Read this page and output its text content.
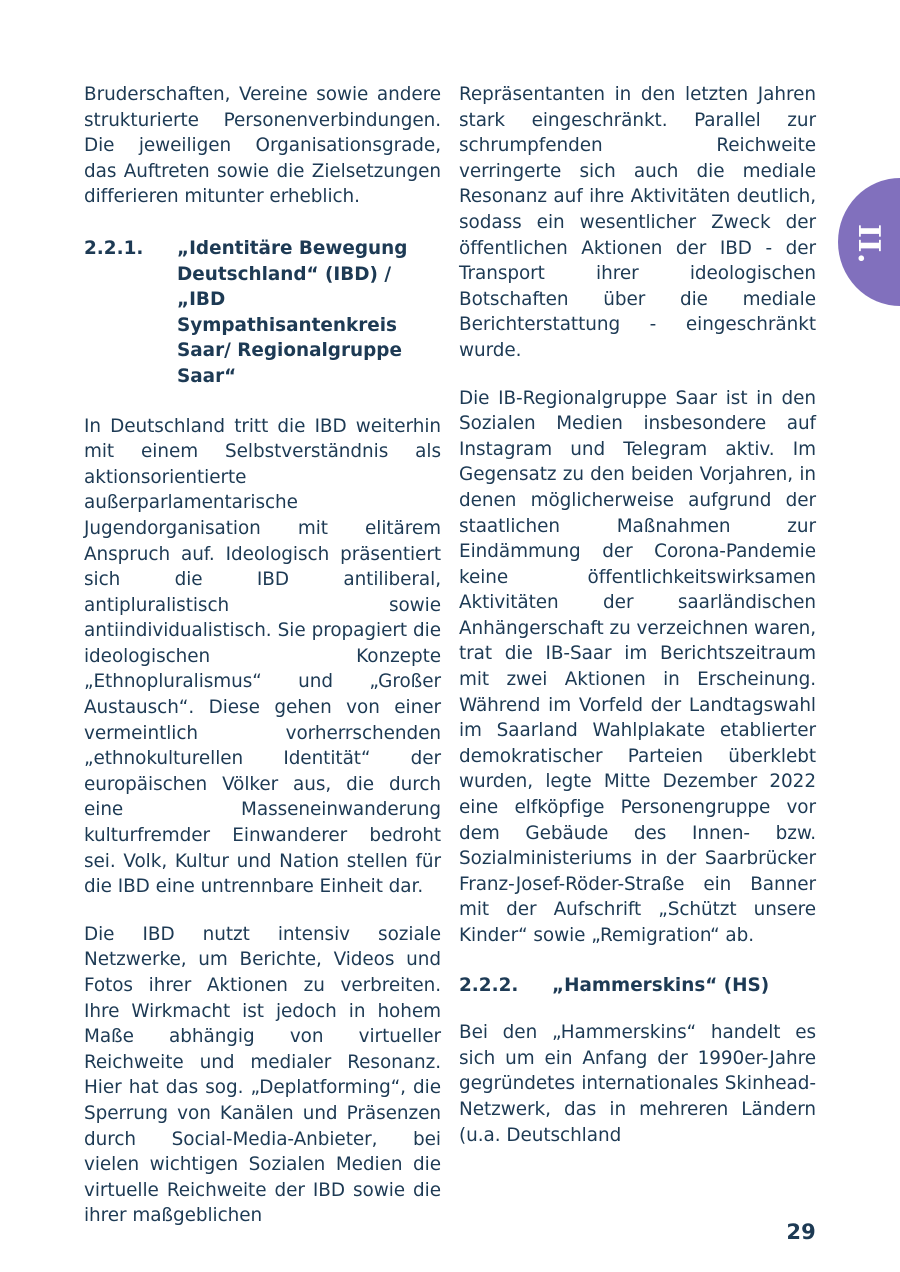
II.

Bruderschaften, Vereine sowie andere strukturierte Personenverbindungen. Die jeweiligen Organisationsgrade, das Auftreten sowie die Zielsetzungen differieren mitunter erheblich.

2.2.1.	„Identitäre Bewegung Deutschland“ (IBD) / „IBD Sympathisantenkreis Saar/ Regionalgruppe Saar“

In Deutschland tritt die IBD weiterhin mit einem Selbstverständnis als aktionsorientierte außerparlamentarische Jugendorganisation mit elitärem Anspruch auf. Ideologisch präsentiert sich die IBD antiliberal, antipluralistisch sowie antiindividualistisch. Sie propagiert die ideologischen Konzepte „Ethnopluralismus“ und „Großer Austausch“. Diese gehen von einer vermeintlich vorherrschenden „ethnokulturellen Identität“ der europäischen Völker aus, die durch eine Masseneinwanderung kulturfremder Einwanderer bedroht sei. Volk, Kultur und Nation stellen für die IBD eine untrennbare Einheit dar.

Die IBD nutzt intensiv soziale Netzwerke, um Berichte, Videos und Fotos ihrer Aktionen zu verbreiten. Ihre Wirkmacht ist jedoch in hohem Maße abhängig von virtueller Reichweite und medialer Resonanz. Hier hat das sog. „Deplatforming“, die Sperrung von Kanälen und Präsenzen durch Social-Media-Anbieter, bei vielen wichtigen Sozialen Medien die virtuelle Reichweite der IBD sowie die ihrer maßgeblichen

Repräsentanten in den letzten Jahren stark eingeschränkt. Parallel zur schrumpfenden Reichweite verringerte sich auch die mediale Resonanz auf ihre Aktivitäten deutlich, sodass ein wesentlicher Zweck der öffentlichen Aktionen der IBD - der Transport ihrer ideologischen Botschaften über die mediale Berichterstattung - eingeschränkt wurde.

Die IB-Regionalgruppe Saar ist in den Sozialen Medien insbesondere auf Instagram und Telegram aktiv. Im Gegensatz zu den beiden Vorjahren, in denen möglicherweise aufgrund der staatlichen Maßnahmen zur Eindämmung der Corona-Pandemie keine öffentlichkeitswirksamen Aktivitäten der saarländischen Anhängerschaft zu verzeichnen waren, trat die IB-Saar im Berichtszeitraum mit zwei Aktionen in Erscheinung. Während im Vorfeld der Landtagswahl im Saarland Wahlplakate etablierter demokratischer Parteien überklebt wurden, legte Mitte Dezember 2022 eine elfköpfige Personengruppe vor dem Gebäude des Innen- bzw. Sozialministeriums in der Saarbrücker Franz-Josef-Röder-Straße ein Banner mit der Aufschrift „Schützt unsere Kinder“ sowie „Remigration“ ab.

2.2.2.	„Hammerskins“ (HS)

Bei den „Hammerskins“ handelt es sich um ein Anfang der 1990er-Jahre gegründetes internationales Skinhead-Netzwerk, das in mehreren Ländern (u.a. Deutschland

29
